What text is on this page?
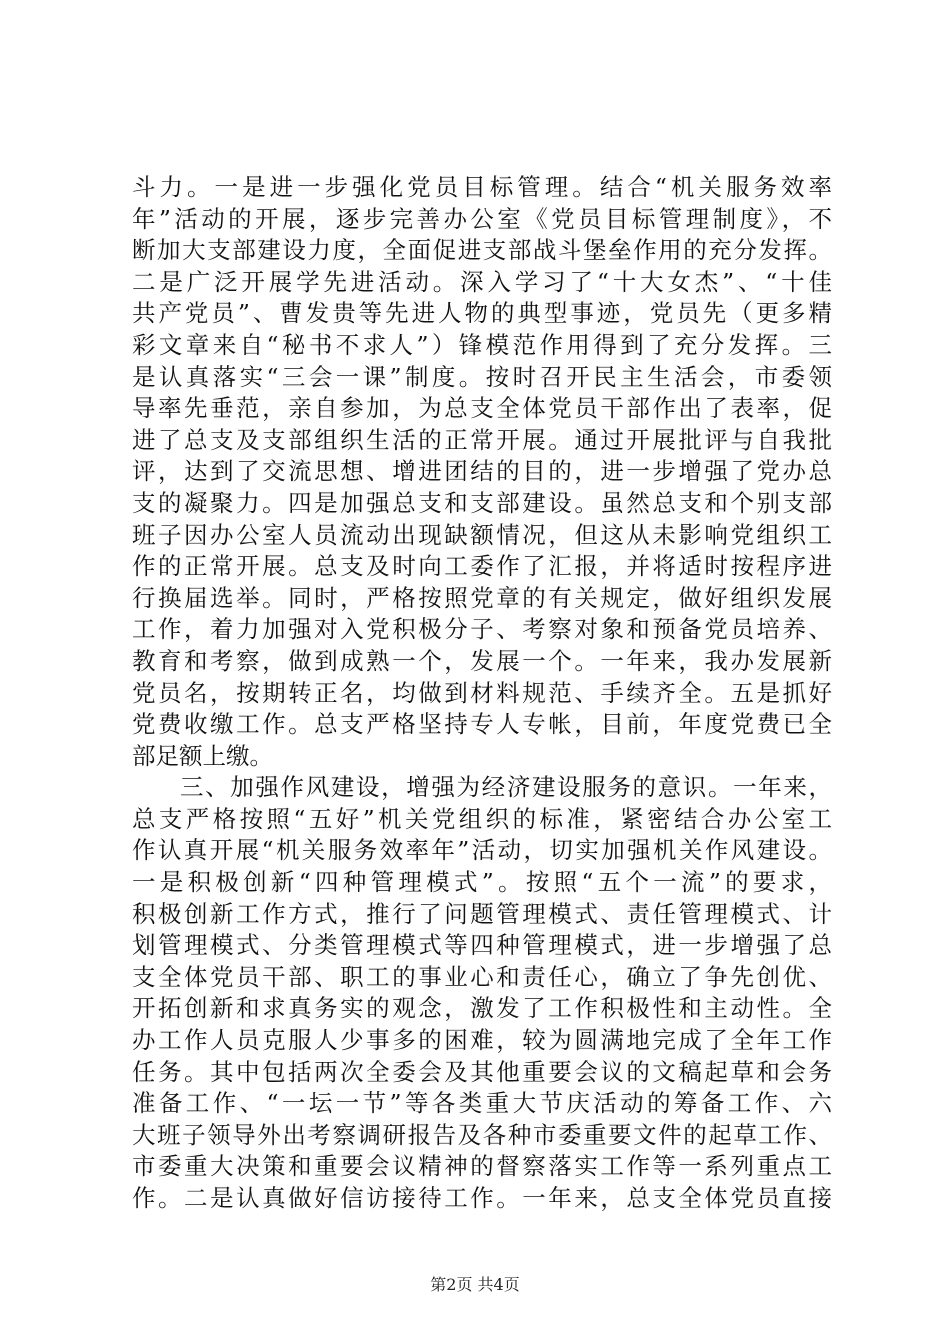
斗力。一是进一步强化党员目标管理。结合“机关服务效率
年”活动的开展，逐步完善办公室《党员目标管理制度》，不
断加大支部建设力度，全面促进支部战斗堡垒作用的充分发挥。
二是广泛开展学先进活动。深入学习了“十大女杰”、“十佳
共产党员”、曹发贵等先进人物的典型事迹，党员先（更多精
彩文章来自“秘书不求人”）锋模范作用得到了充分发挥。三
是认真落实“三会一课”制度。按时召开民主生活会，市委领
导率先垂范，亲自参加，为总支全体党员干部作出了表率，促
进了总支及支部组织生活的正常开展。通过开展批评与自我批
评，达到了交流思想、增进团结的目的，进一步增强了党办总
支的凝聚力。四是加强总支和支部建设。虽然总支和个别支部
班子因办公室人员流动出现缺额情况，但这从未影响党组织工
作的正常开展。总支及时向工委作了汇报，并将适时按程序进
行换届选举。同时，严格按照党章的有关规定，做好组织发展
工作，着力加强对入党积极分子、考察对象和预备党员培养、
教育和考察，做到成熟一个，发展一个。一年来，我办发展新
党员名，按期转正名，均做到材料规范、手续齐全。五是抓好
党费收缴工作。总支严格坚持专人专帐，目前，年度党费已全
部足额上缴。
三、加强作风建设，增强为经济建设服务的意识。一年来，
总支严格按照“五好”机关党组织的标准，紧密结合办公室工
作认真开展“机关服务效率年”活动，切实加强机关作风建设。
一是积极创新“四种管理模式”。按照“五个一流”的要求，
积极创新工作方式，推行了问题管理模式、责任管理模式、计
划管理模式、分类管理模式等四种管理模式，进一步增强了总
支全体党员干部、职工的事业心和责任心，确立了争先创优、
开拓创新和求真务实的观念，激发了工作积极性和主动性。全
办工作人员克服人少事多的困难，较为圆满地完成了全年工作
任务。其中包括两次全委会及其他重要会议的文稿起草和会务
准备工作、“一坛一节”等各类重大节庆活动的筹备工作、六
大班子领导外出考察调研报告及各种市委重要文件的起草工作、
市委重大决策和重要会议精神的督察落实工作等一系列重点工
作。二是认真做好信访接待工作。一年来，总支全体党员直接
第2页 共4页
